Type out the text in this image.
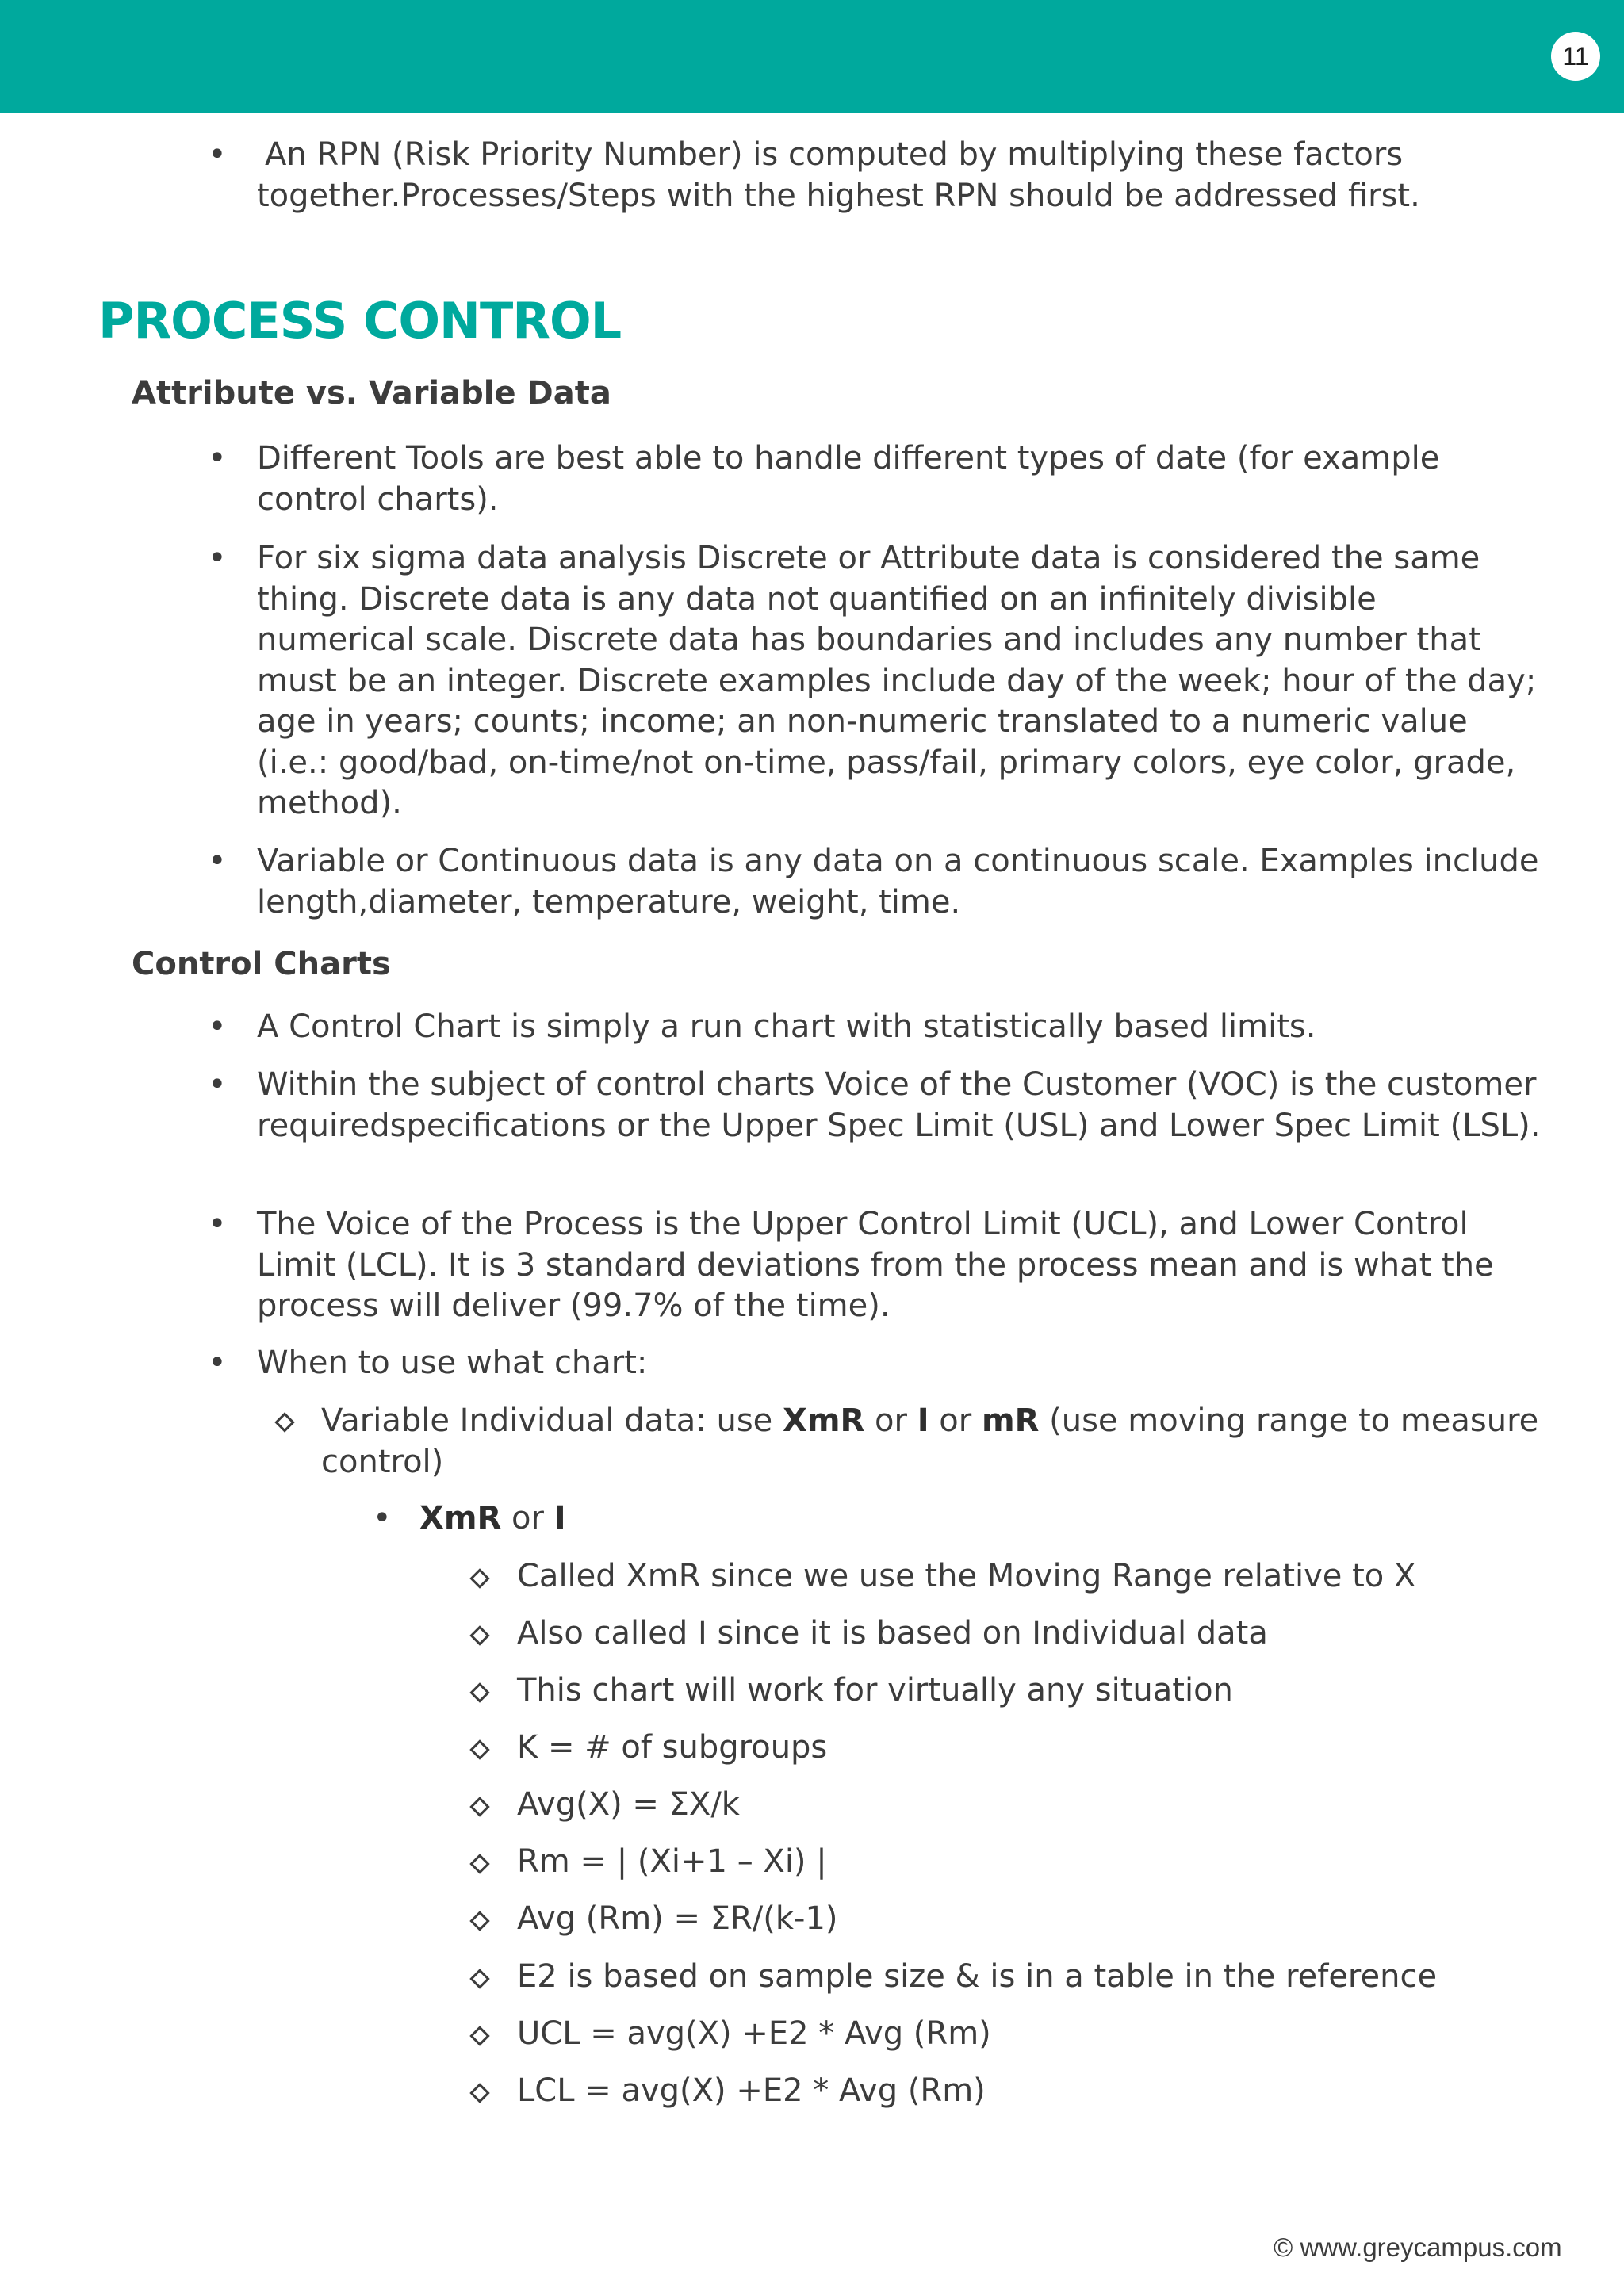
11
• An RPN (Risk Priority Number) is computed by multiplying these factors together.Processes/Steps with the highest RPN should be addressed first.
PROCESS CONTROL
Attribute vs. Variable Data
• Different Tools are best able to handle different types of date (for example control charts).
• For six sigma data analysis Discrete or Attribute data is considered the same thing. Discrete data is any data not quantified on an infinitely divisible numerical scale. Discrete data has boundaries and includes any number that must be an integer. Discrete examples include day of the week; hour of the day; age in years; counts; income; an non-numeric translated to a numeric value (i.e.: good/bad, on-time/not on-time, pass/fail, primary colors, eye color, grade, method).
• Variable or Continuous data is any data on a continuous scale. Examples include length,diameter, temperature, weight, time.
Control Charts
• A Control Chart is simply a run chart with statistically based limits.
• Within the subject of control charts Voice of the Customer (VOC) is the customer requiredspecifications or the Upper Spec Limit (USL) and Lower Spec Limit (LSL).
• The Voice of the Process is the Upper Control Limit (UCL), and Lower Control Limit (LCL). It is 3 standard deviations from the process mean and is what the process will deliver (99.7% of the time).
• When to use what chart:
Variable Individual data: use XmR or I or mR (use moving range to measure control)
• XmR or I
Called XmR since we use the Moving Range relative to X
Also called I since it is based on Individual data
This chart will work for virtually any situation
K = # of subgroups
Avg(X) = ΣX/k
Rm = | (Xi+1 – Xi) |
Avg (Rm) = ΣR/(k-1)
E2 is based on sample size & is in a table in the reference
UCL = avg(X) +E2 * Avg (Rm)
LCL = avg(X) +E2 * Avg (Rm)
© www.greycampus.com
